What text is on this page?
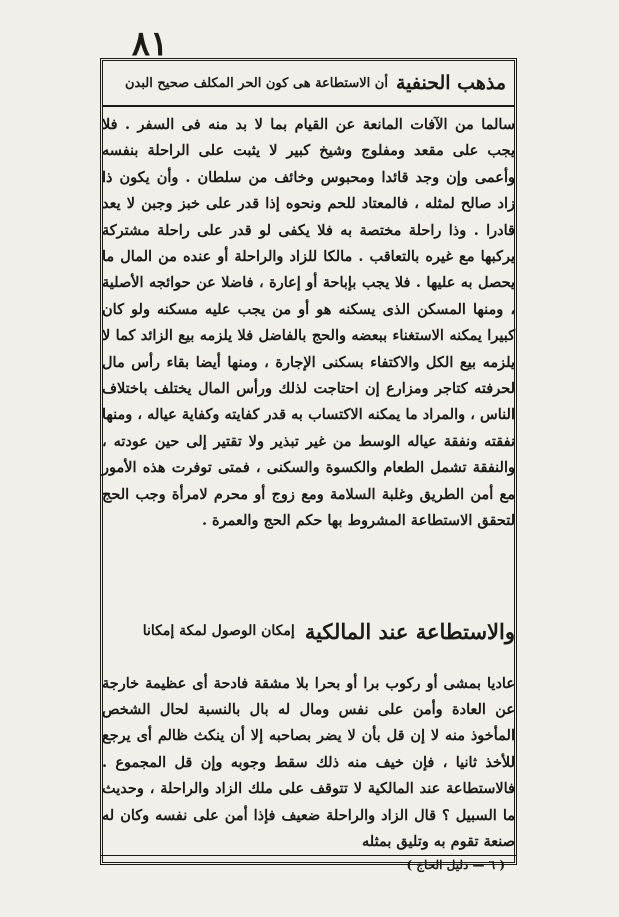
٨١
مذهب الحنفية
أن الاستطاعة هى كون الحر المكلف صحيح البدن

سالما من الآفات المانعة عن القيام بما لا بد منه فى السفر . فلا يجب على مقعد ومفلوج وشيخ كبير لا يثبت على الراحلة بنفسه وأعمى وإن وجد قائدا ومحبوس وخائف من سلطان . وأن يكون ذا زاد صالح لمثله ، فالمعتاد للحم ونحوه إذا قدر على خبز وجبن لا يعد قادرا . وذا راحلة مختصة به فلا يكفى لو قدر على راحلة مشتركة يركبها مع غيره بالتعاقب . مالكا للزاد والراحلة أو عنده من المال ما يحصل به عليها . فلا يجب بإباحة أو إعارة ، فاضلا عن حوائجه الأصلية ، ومنها المسكن الذى يسكنه هو أو من يجب عليه مسكنه ولو كان كبيرا يمكنه الاستغناء ببعضه والحج بالفاضل فلا يلزمه بيع الزائد كما لا يلزمه بيع الكل والاكتفاء بسكنى الإجارة ، ومنها أيضا بقاء رأس مال لحرفته كتاجر ومزارع إن احتاجت لذلك ورأس المال يختلف باختلاف الناس ، والمراد ما يمكنه الاكتساب به قدر كفايته وكفاية عياله ، ومنها نفقته ونفقة عياله الوسط من غير تبذير ولا تقتير إلى حين عودته ، والنفقة تشمل الطعام والكسوة والسكنى ، فمتى توفرت هذه الأمور مع أمن الطريق وغلبة السلامة ومع زوج أو محرم لامرأة وجب الحج لتحقق الاستطاعة المشروط بها حكم الحج والعمرة .

والاستطاعة عند المالكية
إمكان الوصول لمكة إمكانا

عاديا بمشى أو ركوب برا أو بحرا بلا مشقة فادحة أى عظيمة خارجة عن العادة وأمن على نفس ومال له بال بالنسبة لحال الشخص المأخوذ منه لا إن قل بأن لا يضر بصاحبه إلا أن ينكث ظالم أى يرجع للأخذ ثانيا ، فإن خيف منه ذلك سقط وجوبه وإن قل المجموع . فالاستطاعة عند المالكية لا تتوقف على ملك الزاد والراحلة ، وحديث ما السبيل ؟ قال الزاد والراحلة ضعيف فإذا أمن على نفسه وكان له صنعة تقوم به وتليق بمثله

( ٦ — دليل الحاج )
